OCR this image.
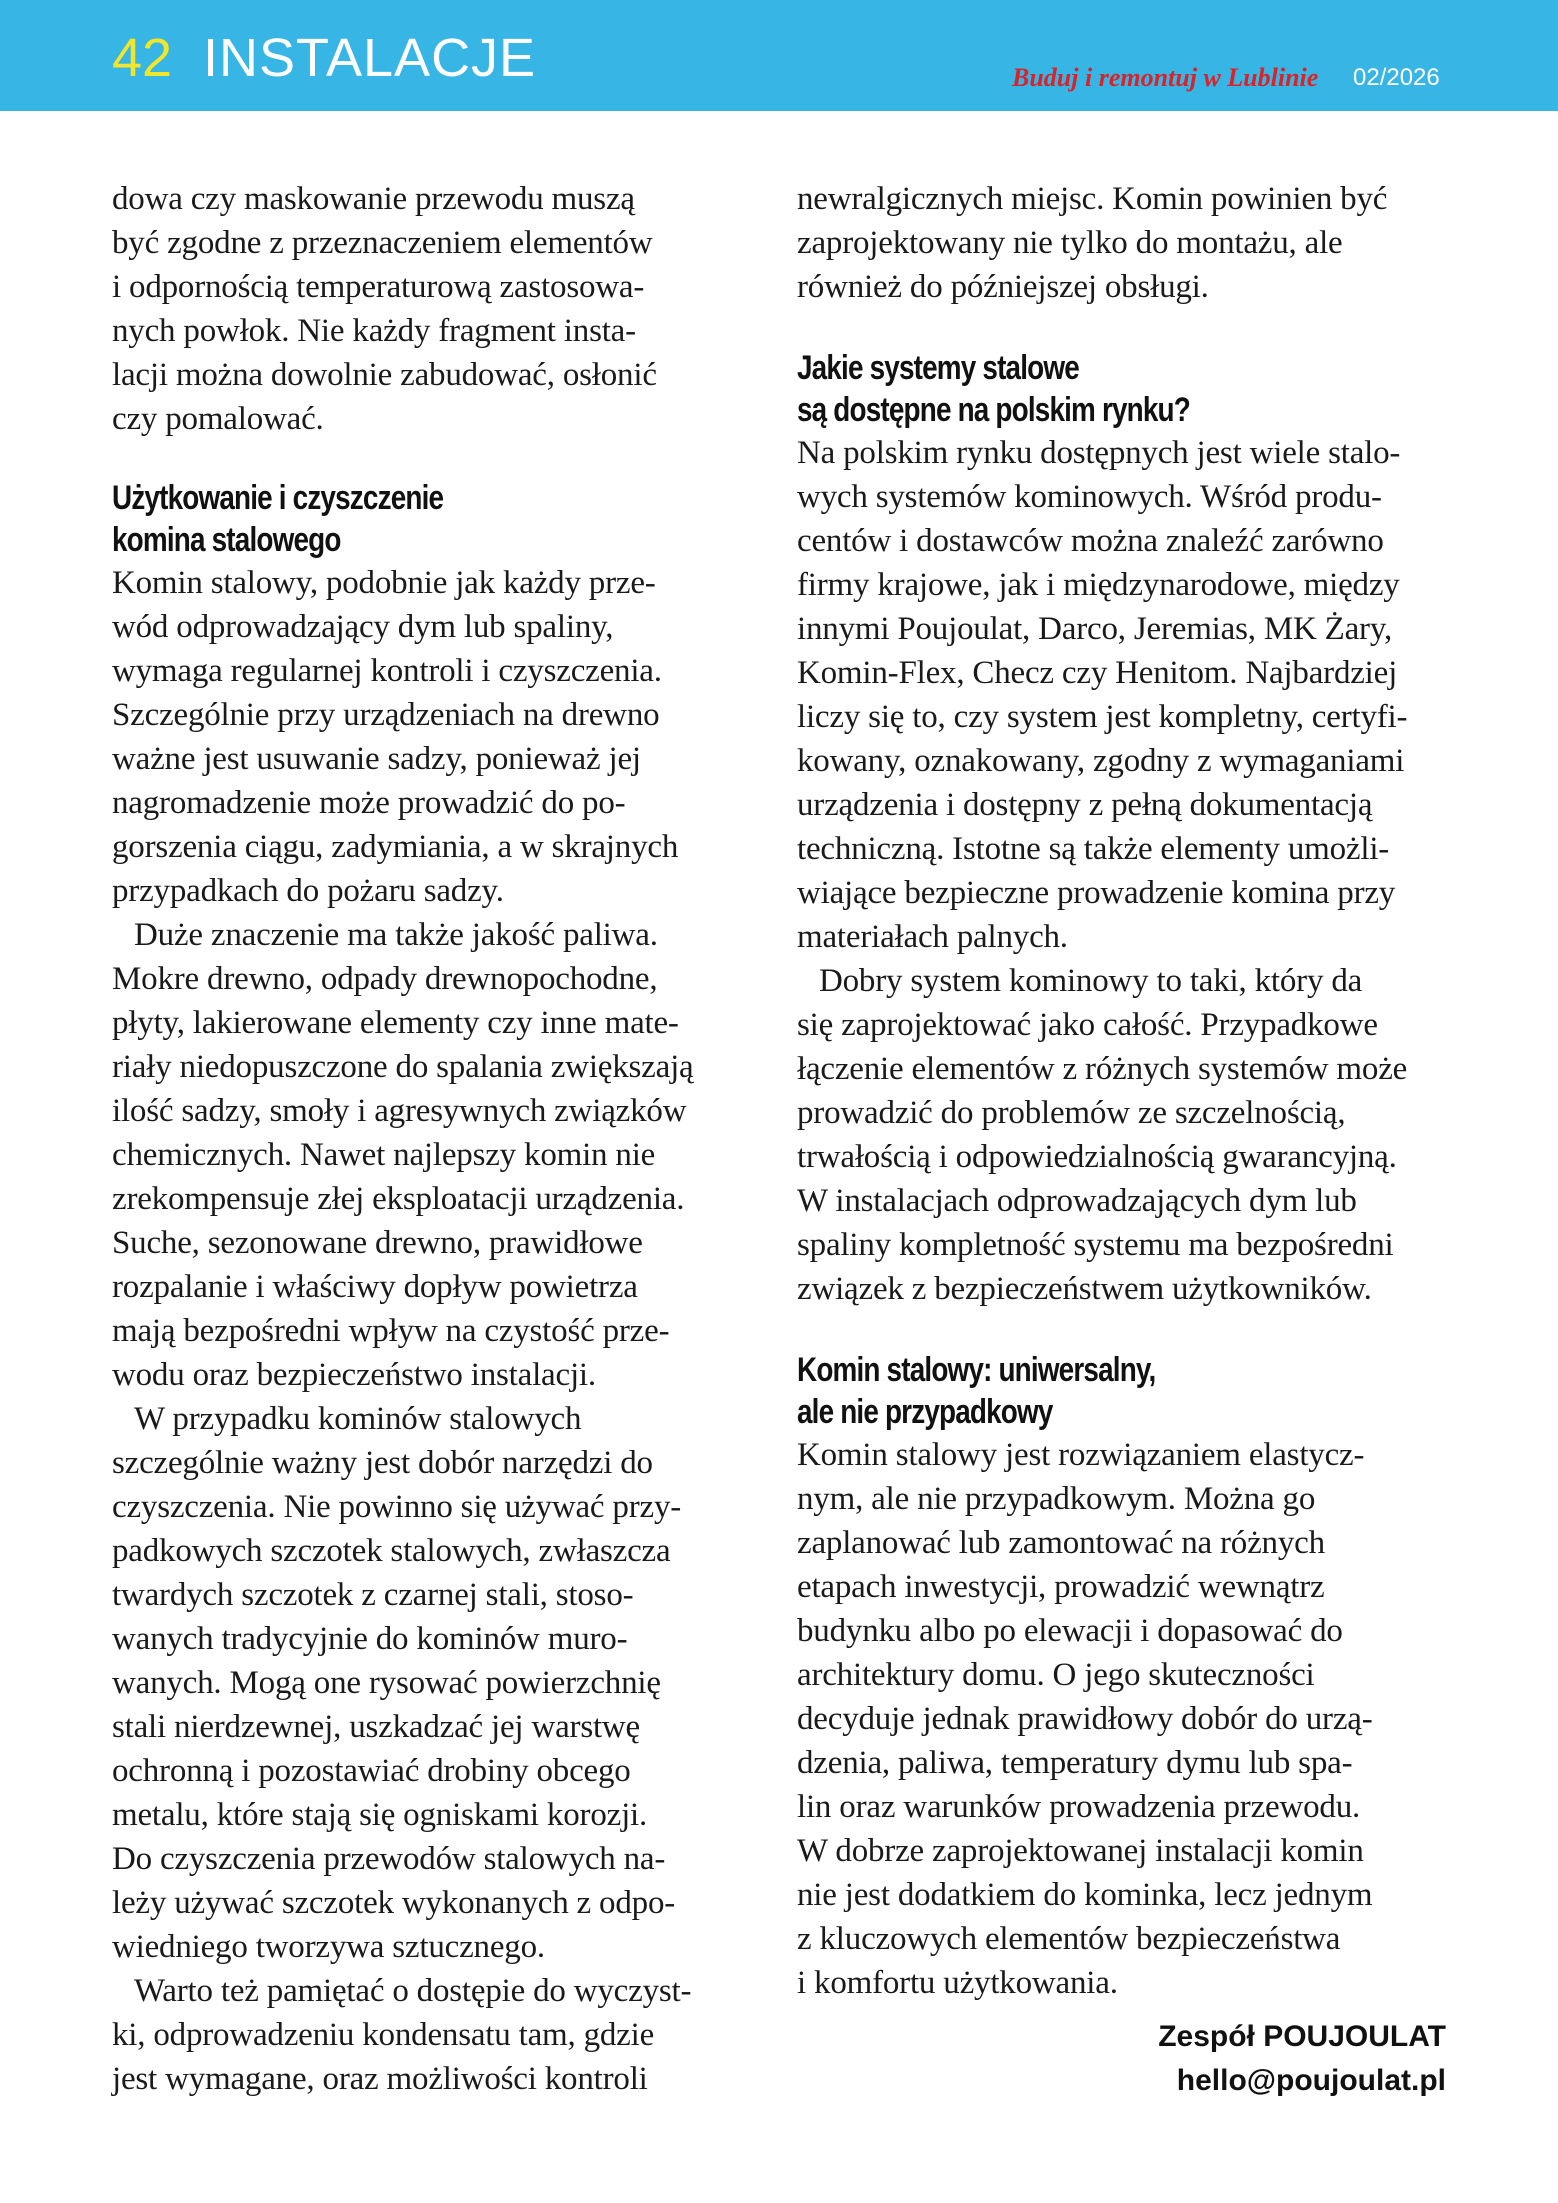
42 INSTALACJE	Buduj i remontuj w Lublinie 02/2026

dowa czy maskowanie przewodu muszą

być zgodne z przeznaczeniem elementów

i odpornością temperaturową zastosowa-

nych powłok. Nie każdy fragment insta-

lacji można dowolnie zabudować, osłonić

czy pomalować.

Użytkowanie i czyszczenie

komina stalowego

Komin stalowy, podobnie jak każdy prze-

wód odprowadzający dym lub spaliny,

wymaga regularnej kontroli i czyszczenia.

Szczególnie przy urządzeniach na drewno

ważne jest usuwanie sadzy, ponieważ jej

nagromadzenie może prowadzić do po-

gorszenia ciągu, zadymiania, a w skrajnych

przypadkach do pożaru sadzy.

Duże znaczenie ma także jakość paliwa.

Mokre drewno, odpady drewnopochodne,

płyty, lakierowane elementy czy inne mate-

riały niedopuszczone do spalania zwiększają

ilość sadzy, smoły i agresywnych związków

chemicznych. Nawet najlepszy komin nie

zrekompensuje złej eksploatacji urządzenia.

Suche, sezonowane drewno, prawidłowe

rozpalanie i właściwy dopływ powietrza

mają bezpośredni wpływ na czystość prze-

wodu oraz bezpieczeństwo instalacji.

W przypadku kominów stalowych

szczególnie ważny jest dobór narzędzi do

czyszczenia. Nie powinno się używać przy-

padkowych szczotek stalowych, zwłaszcza

twardych szczotek z czarnej stali, stoso-

wanych tradycyjnie do kominów muro-

wanych. Mogą one rysować powierzchnię

stali nierdzewnej, uszkadzać jej warstwę

ochronną i pozostawiać drobiny obcego

metalu, które stają się ogniskami korozji.

Do czyszczenia przewodów stalowych na-

leży używać szczotek wykonanych z odpo-

wiedniego tworzywa sztucznego.

Warto też pamiętać o dostępie do wyczyst-

ki, odprowadzeniu kondensatu tam, gdzie

jest wymagane, oraz możliwości kontroli

newralgicznych miejsc. Komin powinien być

zaprojektowany nie tylko do montażu, ale

również do późniejszej obsługi.

Jakie systemy stalowe

są dostępne na polskim rynku?

Na polskim rynku dostępnych jest wiele stalo-

wych systemów kominowych. Wśród produ-

centów i dostawców można znaleźć zarówno

firmy krajowe, jak i międzynarodowe, między

innymi Poujoulat, Darco, Jeremias, MK Żary,

Komin-Flex, Checz czy Henitom. Najbardziej

liczy się to, czy system jest kompletny, certyfi-

kowany, oznakowany, zgodny z wymaganiami

urządzenia i dostępny z pełną dokumentacją

techniczną. Istotne są także elementy umożli-

wiające bezpieczne prowadzenie komina przy

materiałach palnych.

Dobry system kominowy to taki, który da

się zaprojektować jako całość. Przypadkowe

łączenie elementów z różnych systemów może

prowadzić do problemów ze szczelnością,

trwałością i odpowiedzialnością gwarancyjną.

W instalacjach odprowadzających dym lub

spaliny kompletność systemu ma bezpośredni

związek z bezpieczeństwem użytkowników.

Komin stalowy: uniwersalny,

ale nie przypadkowy

Komin stalowy jest rozwiązaniem elastycz-

nym, ale nie przypadkowym. Można go

zaplanować lub zamontować na różnych

etapach inwestycji, prowadzić wewnątrz

budynku albo po elewacji i dopasować do

architektury domu. O jego skuteczności

decyduje jednak prawidłowy dobór do urzą-

dzenia, paliwa, temperatury dymu lub spa-

lin oraz warunków prowadzenia przewodu.

W dobrze zaprojektowanej instalacji komin

nie jest dodatkiem do kominka, lecz jednym

z kluczowych elementów bezpieczeństwa

i komfortu użytkowania.

Zespół POUJOULAT
hello@poujoulat.pl
